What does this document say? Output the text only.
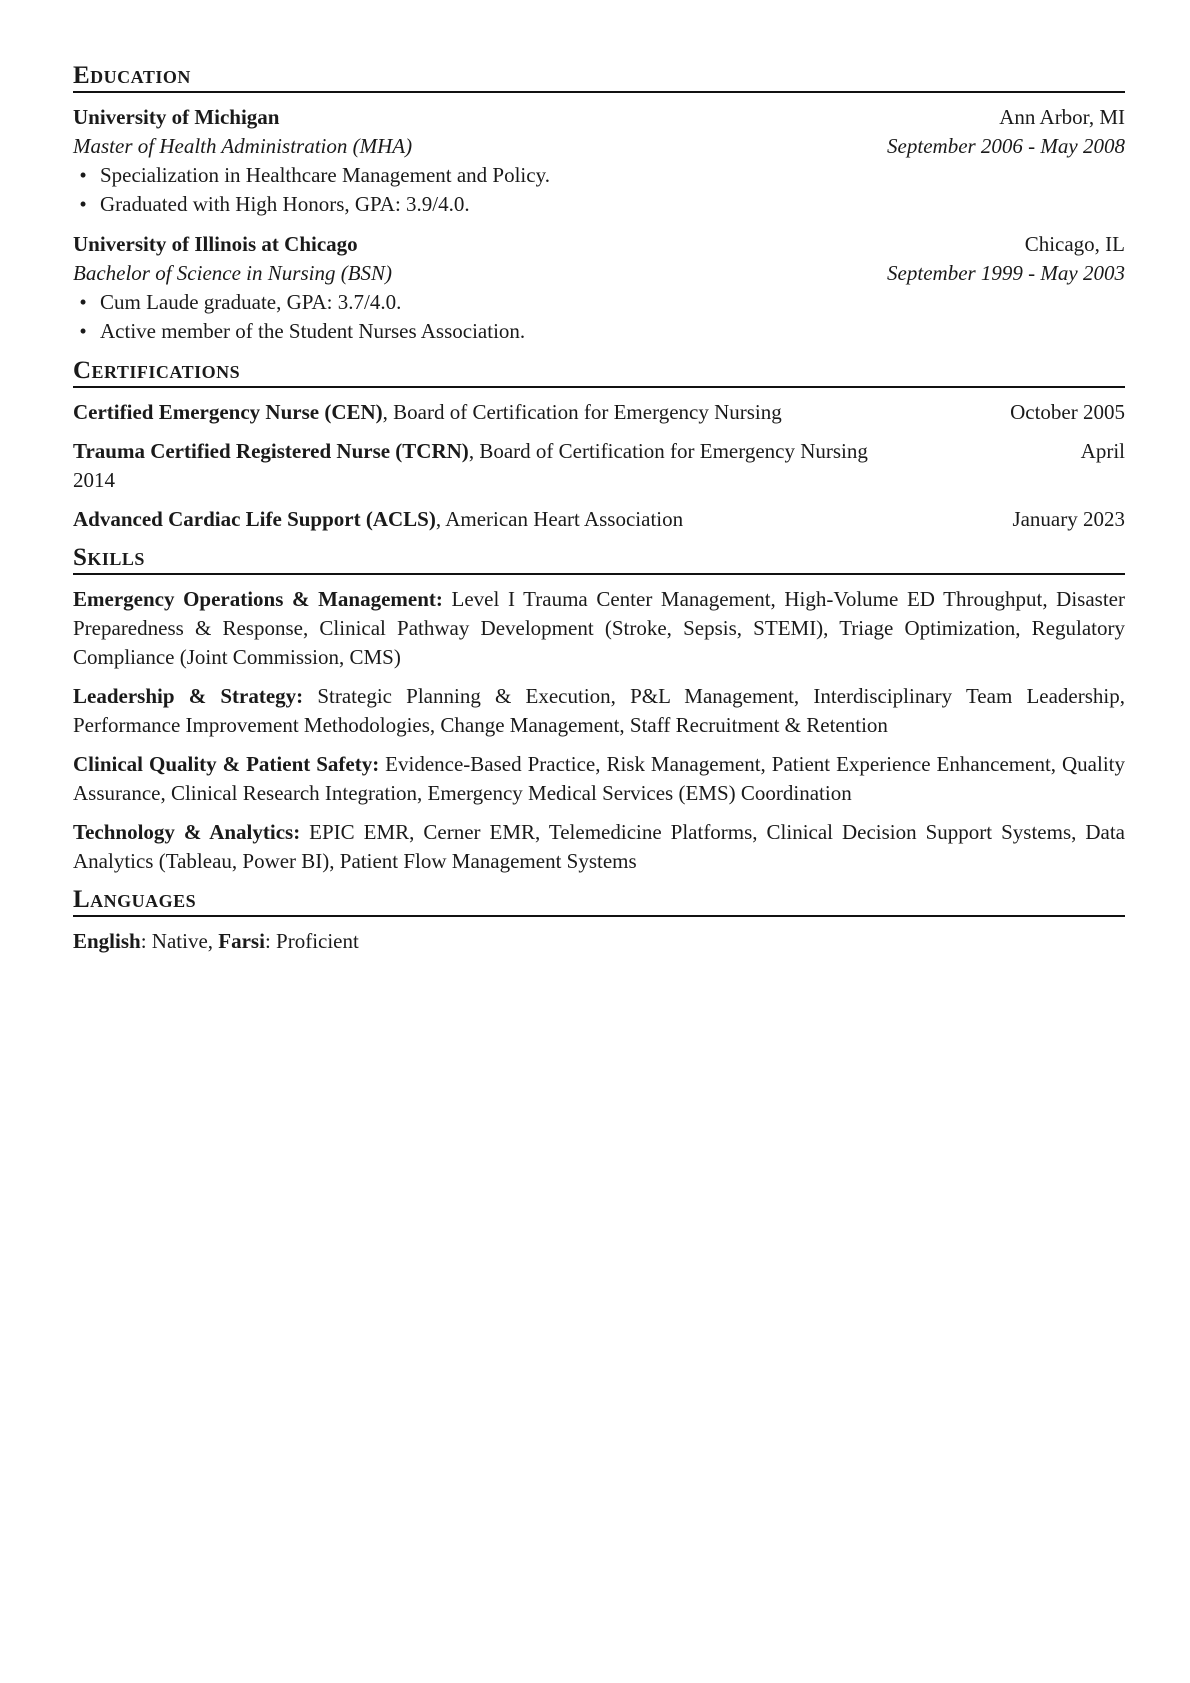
Education
University of Michigan	Ann Arbor, MI
Master of Health Administration (MHA)	September 2006 - May 2008
• Specialization in Healthcare Management and Policy.
• Graduated with High Honors, GPA: 3.9/4.0.
University of Illinois at Chicago	Chicago, IL
Bachelor of Science in Nursing (BSN)	September 1999 - May 2003
• Cum Laude graduate, GPA: 3.7/4.0.
• Active member of the Student Nurses Association.
Certifications
Certified Emergency Nurse (CEN), Board of Certification for Emergency Nursing	October 2005
Trauma Certified Registered Nurse (TCRN), Board of Certification for Emergency Nursing	April
2014
Advanced Cardiac Life Support (ACLS), American Heart Association	January 2023
Skills
Emergency Operations & Management: Level I Trauma Center Management, High-Volume ED Throughput, Disaster Preparedness & Response, Clinical Pathway Development (Stroke, Sepsis, STEMI), Triage Optimization, Regulatory Compliance (Joint Commission, CMS)
Leadership & Strategy: Strategic Planning & Execution, P&L Management, Interdisciplinary Team Leadership, Performance Improvement Methodologies, Change Management, Staff Recruitment & Retention
Clinical Quality & Patient Safety: Evidence-Based Practice, Risk Management, Patient Experience Enhancement, Quality Assurance, Clinical Research Integration, Emergency Medical Services (EMS) Coordination
Technology & Analytics: EPIC EMR, Cerner EMR, Telemedicine Platforms, Clinical Decision Support Systems, Data Analytics (Tableau, Power BI), Patient Flow Management Systems
Languages
English: Native, Farsi: Proficient
